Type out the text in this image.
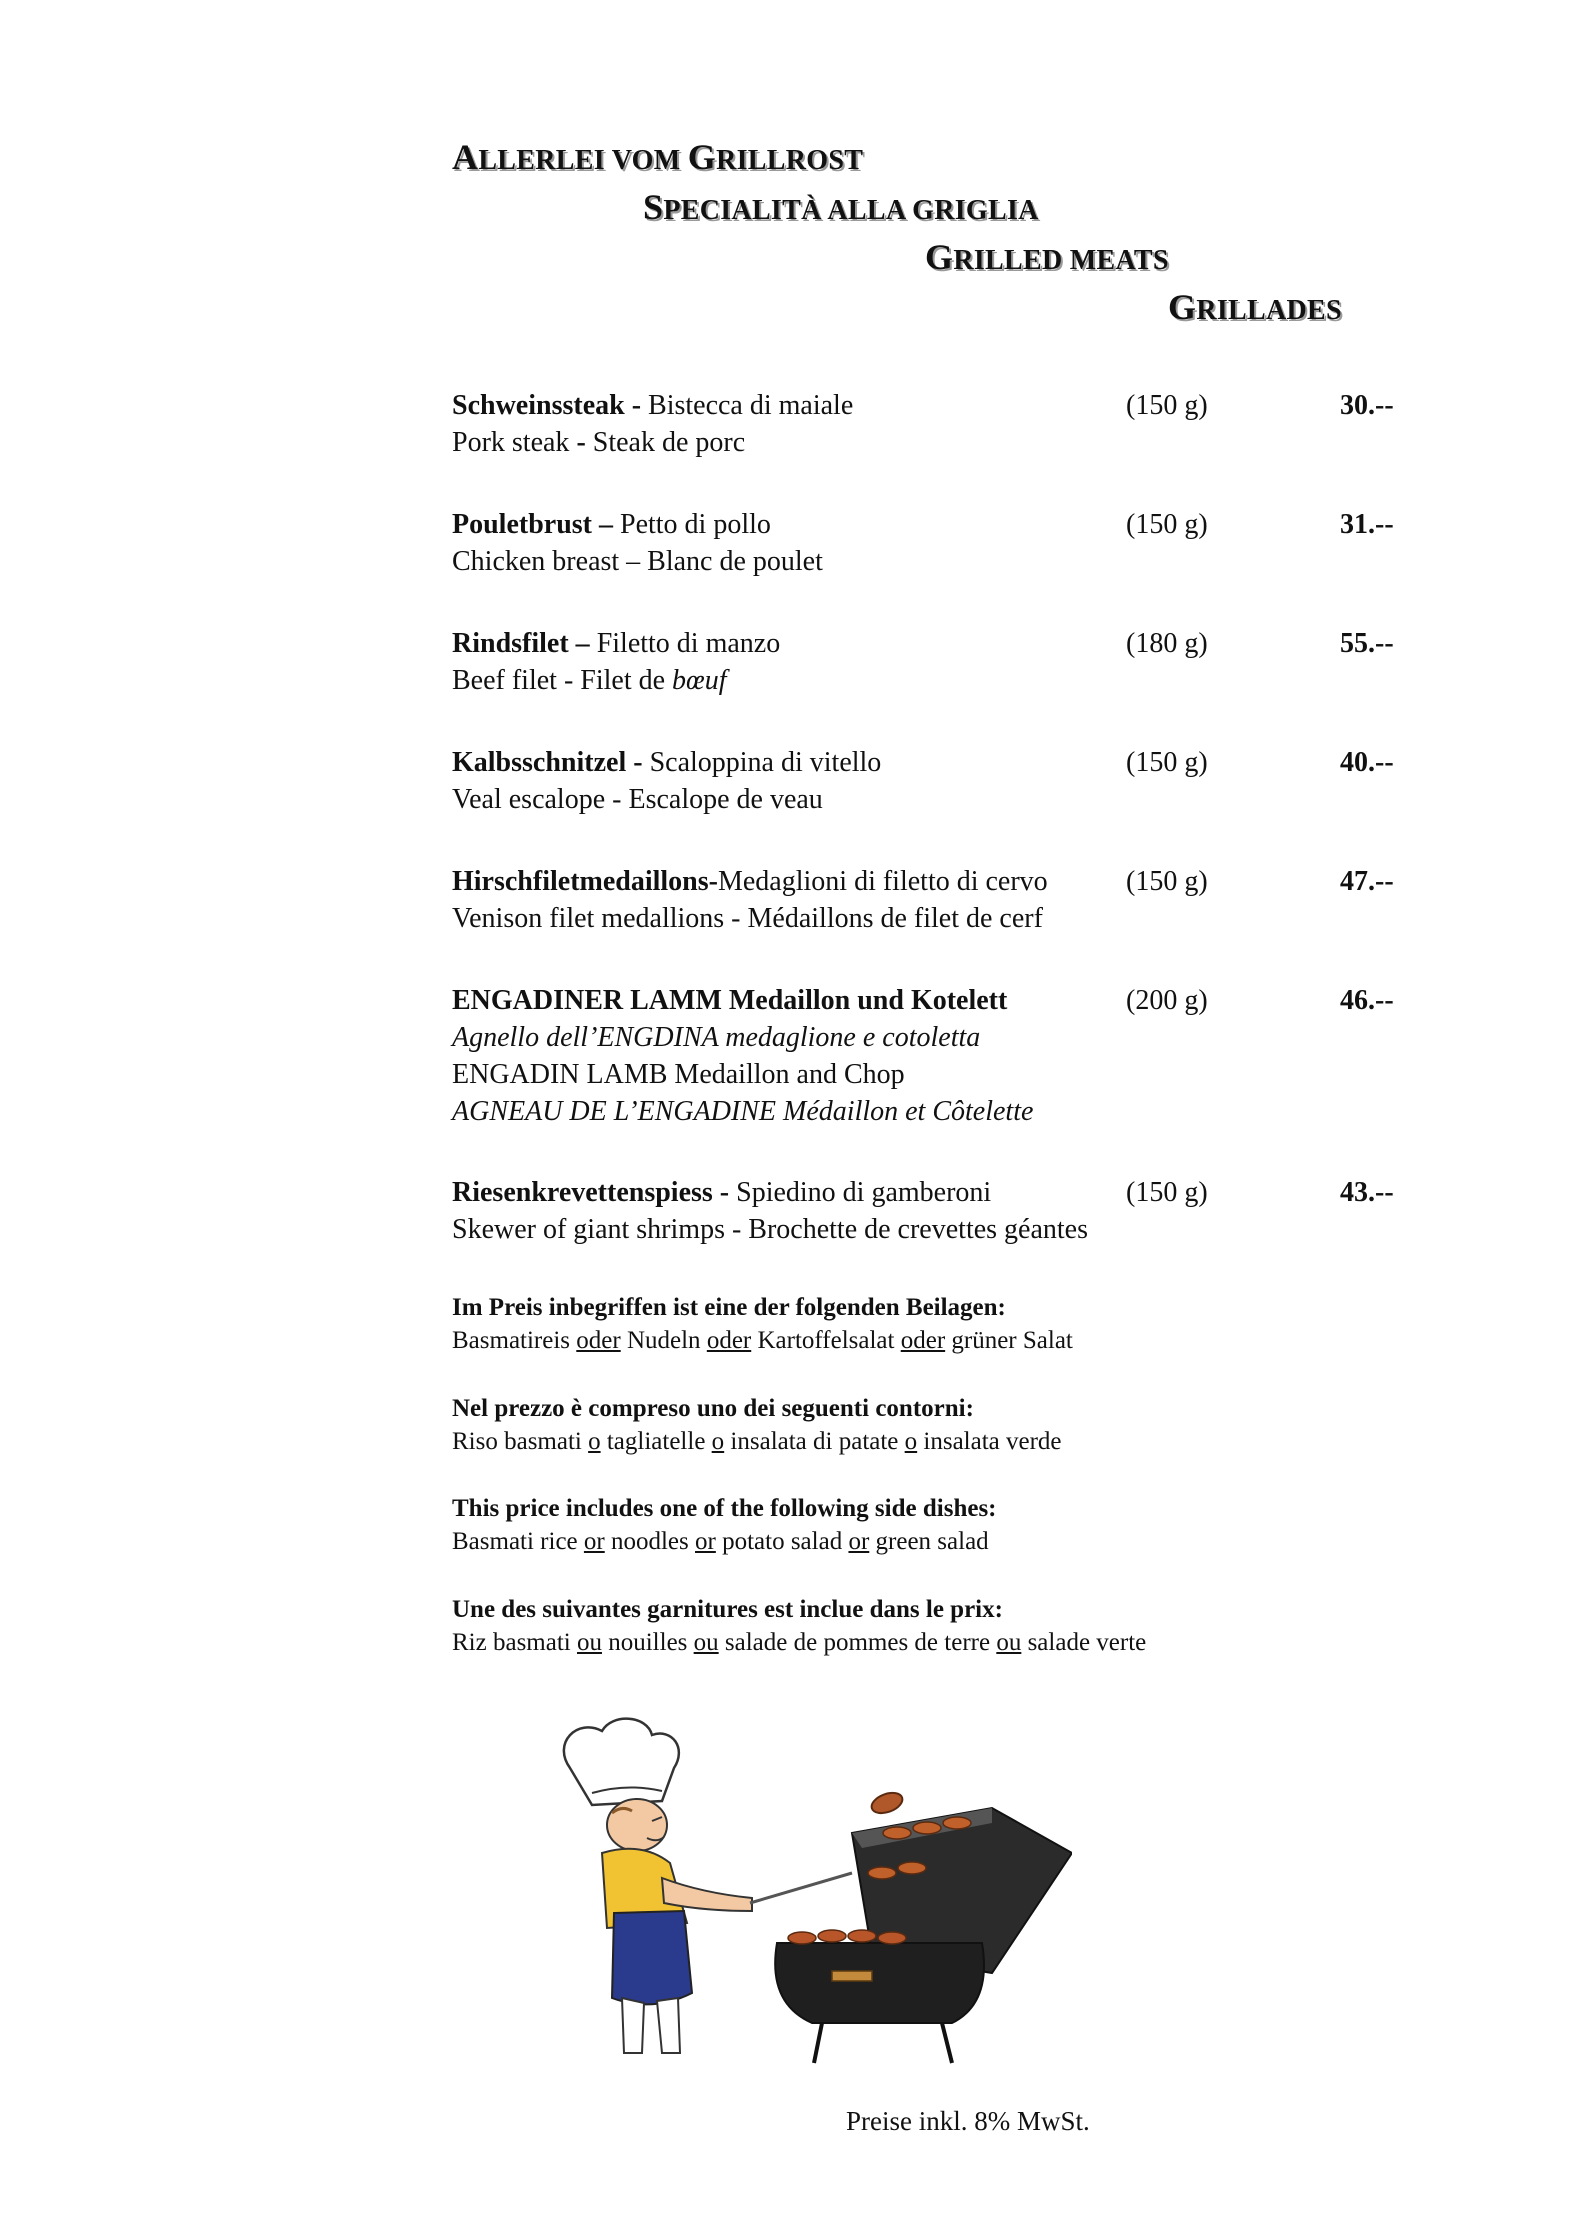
ALLERLEI VOM GRILLROST
SPECIALITÀ ALLA GRIGLIA
GRILLED MEATS
GRILLADES
Schweinssteak - Bistecca di maiale	(150 g)	30.--
Pork steak - Steak de porc
Pouletbrust – Petto di pollo	(150 g)	31.--
Chicken breast – Blanc de poulet
Rindsfilet – Filetto di manzo	(180 g)	55.--
Beef filet - Filet de bœuf
Kalbsschnitzel - Scaloppina di vitello	(150 g)	40.--
Veal escalope - Escalope de veau
Hirschfiletmedaillons-Medaglioni di filetto di cervo	(150 g)	47.--
Venison filet medallions - Médaillons de filet de cerf
ENGADINER LAMM Medaillon und Kotelett	(200 g)	46.--
Agnello dell’ENGDINA medaglione e cotoletta
ENGADIN LAMB Medaillon and Chop
AGNEAU DE L’ENGADINE Médaillon et Côtelette
Riesenkrevettenspiess - Spiedino di gamberoni	(150 g)	43.--
Skewer of giant shrimps - Brochette de crevettes géantes
Im Preis inbegriffen ist eine der folgenden Beilagen:
Basmatireis oder Nudeln oder Kartoffelsalat oder grüner Salat
Nel prezzo è compreso uno dei seguenti contorni:
Riso basmati o tagliatelle o insalata di patate o insalata verde
This price includes one of the following side dishes:
Basmati rice or noodles or potato salad or green salad
Une des suivantes garnitures est inclue dans le prix:
Riz basmati ou nouilles ou salade de pommes de terre ou salade verte
Preise inkl. 8% MwSt.
